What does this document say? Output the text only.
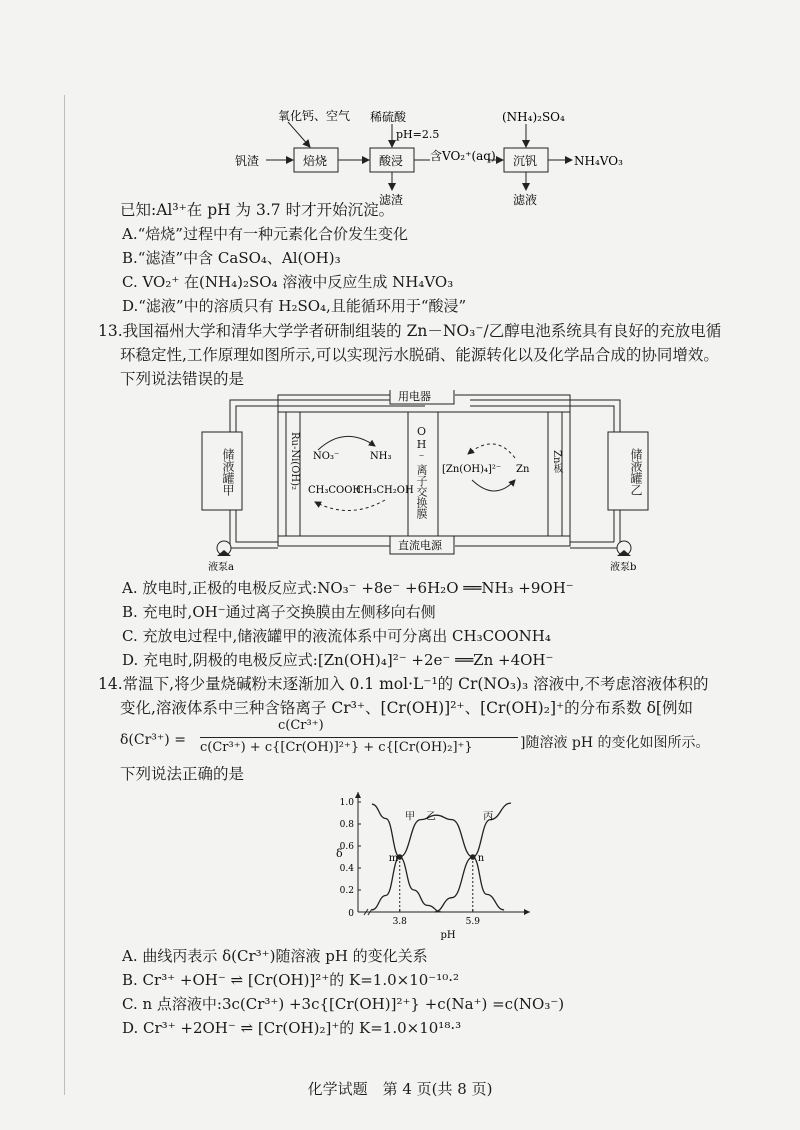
氧化钙、空气 稀硫酸
pH=2.5
(NH₄)₂SO₄
钒渣	焙烧	酸浸 含VO₂⁺(aq) 沉钒	NH₄VO₃
滤渣	滤液
已知:Al³⁺在 pH 为 3.7 时才开始沉淀。
A.“焙烧”过程中有一种元素化合价发生变化
B.“滤渣”中含 CaSO₄、Al(OH)₃
C. VO₂⁺ 在(NH₄)₂SO₄ 溶液中反应生成 NH₄VO₃
D.“滤液”中的溶质只有 H₂SO₄,且能循环用于“酸浸”
13.我国福州大学和清华大学学者研制组装的 Zn－NO₃⁻/乙醇电池系统具有良好的充放电循
环稳定性,工作原理如图所示,可以实现污水脱硝、能源转化以及化学品合成的协同增效。
下列说法错误的是
用电器
直流电源
液泵a	液泵b
NO₃⁻	NH₃
CH₃COOH
CH₃CH₂OH
[Zn(OH)₄]²⁻ Zn
储液罐甲	储液罐乙
Ru-Ni(OH)₂	Zn板
OH⁻离子交换膜
A. 放电时,正极的电极反应式:NO₃⁻ +8e⁻ +6H₂O ══NH₃ +9OH⁻
B. 充电时,OH⁻通过离子交换膜由左侧移向右侧
C. 充放电过程中,储液罐甲的液流体系中可分离出 CH₃COONH₄
D. 充电时,阴极的电极反应式:[Zn(OH)₄]²⁻ +2e⁻ ══Zn +4OH⁻
14.常温下,将少量烧碱粉末逐渐加入 0.1 mol·L⁻¹的 Cr(NO₃)₃ 溶液中,不考虑溶液体积的
变化,溶液体系中三种含铬离子 Cr³⁺、[Cr(OH)]²⁺、[Cr(OH)₂]⁺的分布系数 δ[例如
δ(Cr³⁺) =
c(Cr³⁺)
c(Cr³⁺) + c{[Cr(OH)]²⁺} + c{[Cr(OH)₂]⁺}	]随溶液 pH 的变化如图所示。
下列说法正确的是
0.2
0.4
0.6
0.8
1.0
0
甲 乙	丙
m
3.8
n
5.9
pH
δ
A. 曲线丙表示 δ(Cr³⁺)随溶液 pH 的变化关系
B. Cr³⁺ +OH⁻ ⇌ [Cr(OH)]²⁺的 K=1.0×10⁻¹⁰·²
C. n 点溶液中:3c(Cr³⁺) +3c{[Cr(OH)]²⁺} +c(Na⁺) =c(NO₃⁻)
D. Cr³⁺ +2OH⁻ ⇌ [Cr(OH)₂]⁺的 K=1.0×10¹⁸·³
化学试题　第 4 页(共 8 页)
